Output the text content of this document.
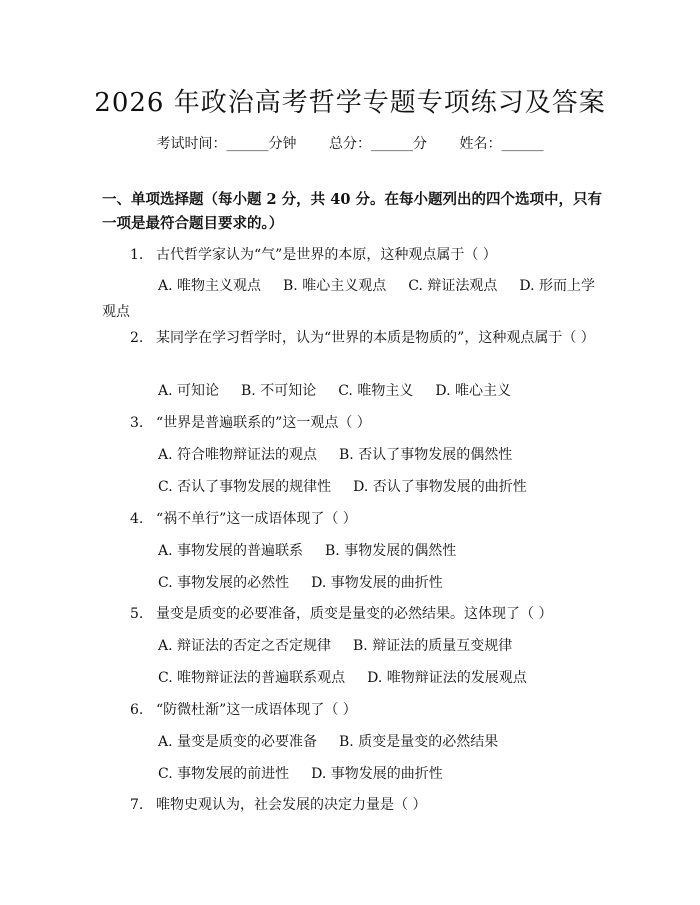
2026 年政治高考哲学专题专项练习及答案
考试时间：______分钟 总分：______分 姓名：______
一、单项选择题（每小题 2 分，共 40 分。在每小题列出的四个选项中，只有一项是最符合题目要求的。）
1. 古代哲学家认为“气”是世界的本原，这种观点属于（ ）
A. 唯物主义观点 B. 唯心主义观点 C. 辩证法观点 D. 形而上学观点
2. 某同学在学习哲学时，认为“世界的本质是物质的”，这种观点属于（ ）
A. 可知论 B. 不可知论 C. 唯物主义 D. 唯心主义
3. “世界是普遍联系的”这一观点（ ）
A. 符合唯物辩证法的观点 B. 否认了事物发展的偶然性
C. 否认了事物发展的规律性 D. 否认了事物发展的曲折性
4. “祸不单行”这一成语体现了（ ）
A. 事物发展的普遍联系 B. 事物发展的偶然性
C. 事物发展的必然性 D. 事物发展的曲折性
5. 量变是质变的必要准备，质变是量变的必然结果。这体现了（ ）
A. 辩证法的否定之否定规律 B. 辩证法的质量互变规律
C. 唯物辩证法的普遍联系观点 D. 唯物辩证法的发展观点
6. “防微杜渐”这一成语体现了（ ）
A. 量变是质变的必要准备 B. 质变是量变的必然结果
C. 事物发展的前进性 D. 事物发展的曲折性
7. 唯物史观认为，社会发展的决定力量是（ ）
